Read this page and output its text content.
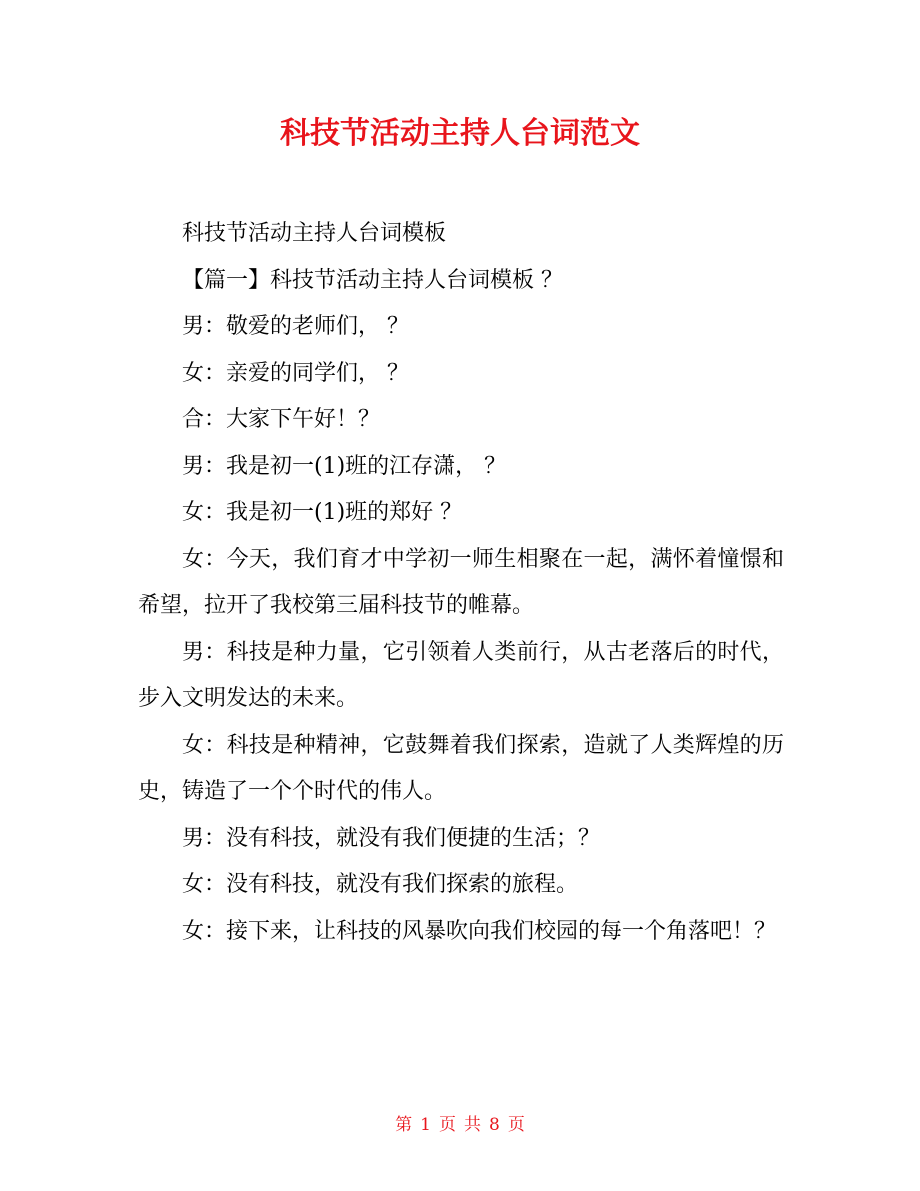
科技节活动主持人台词范文

科技节活动主持人台词模板

【篇一】科技节活动主持人台词模板 ？

男：敬爱的老师们， ？

女：亲爱的同学们， ？

合：大家下午好！？

男：我是初一(1)班的江存潇， ？

女：我是初一(1)班的郑好 ？

女：今天，我们育才中学初一师生相聚在一起，满怀着憧憬和希望，拉开了我校第三届科技节的帷幕。

男：科技是种力量，它引领着人类前行，从古老落后的时代，步入文明发达的未来。

女：科技是种精神，它鼓舞着我们探索，造就了人类辉煌的历史，铸造了一个个时代的伟人。

男：没有科技，就没有我们便捷的生活；？

女：没有科技，就没有我们探索的旅程。

女：接下来，让科技的风暴吹向我们校园的每一个角落吧！？

第 1 页 共 8 页
